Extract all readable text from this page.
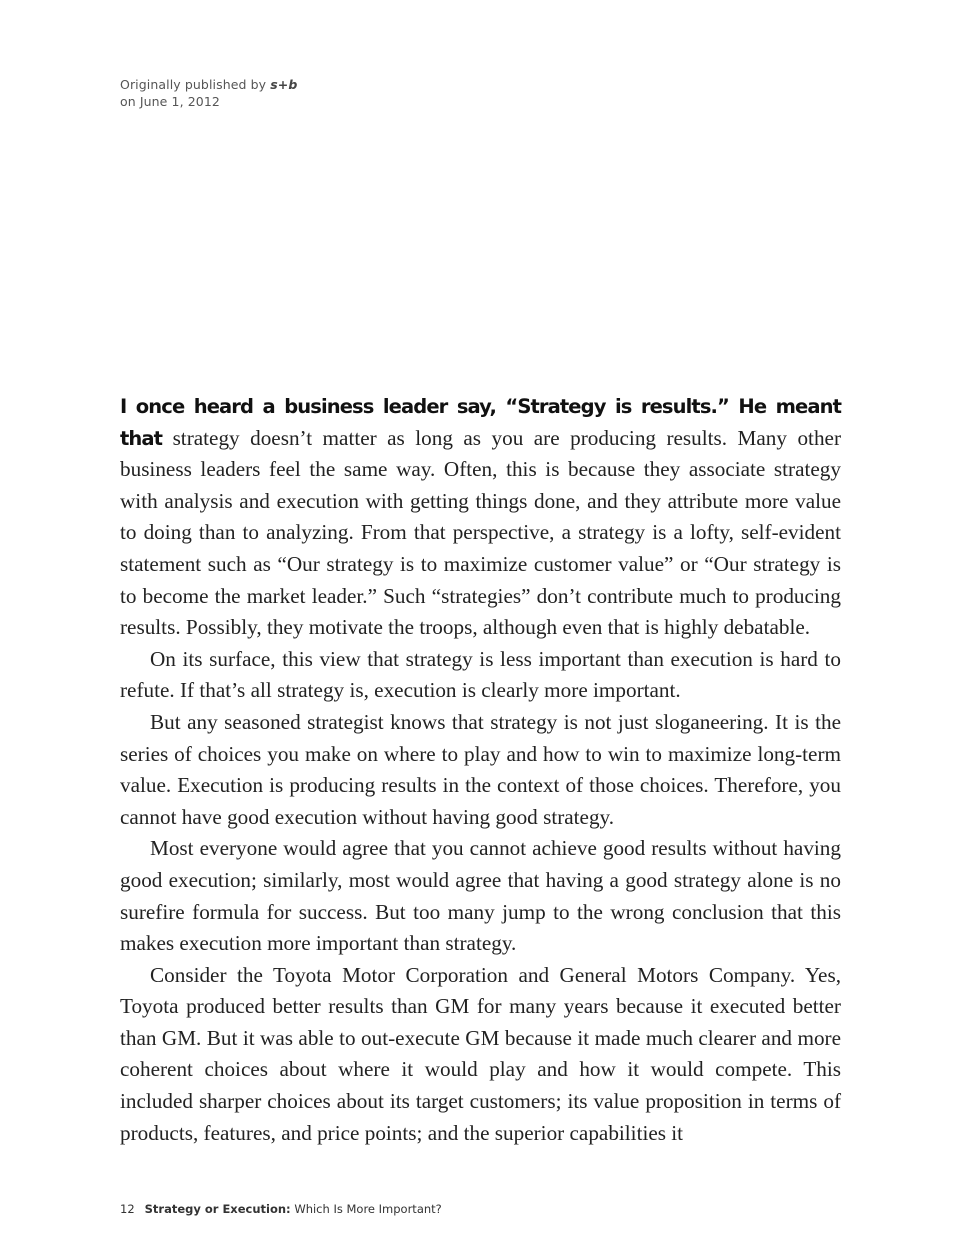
Originally published by s+b
on June 1, 2012

I once heard a business leader say, “Strategy is results.” He meant that strategy doesn’t matter as long as you are producing results. Many other business leaders feel the same way. Often, this is because they associate strategy with analysis and execution with getting things done, and they attribute more value to doing than to analyzing. From that perspective, a strategy is a lofty, self-evident statement such as “Our strategy is to maximize customer value” or “Our strategy is to become the market leader.” Such “strategies” don’t contribute much to producing results. Possibly, they motivate the troops, although even that is highly debatable.

On its surface, this view that strategy is less important than execution is hard to refute. If that’s all strategy is, execution is clearly more important.

But any seasoned strategist knows that strategy is not just sloganeering. It is the series of choices you make on where to play and how to win to maximize long-term value. Execution is producing results in the context of those choices. Therefore, you cannot have good execution without having good strategy.

Most everyone would agree that you cannot achieve good results without having good execution; similarly, most would agree that having a good strategy alone is no surefire formula for success. But too many jump to the wrong conclusion that this makes execution more important than strategy.

Consider the Toyota Motor Corporation and General Motors Company. Yes, Toyota produced better results than GM for many years because it executed better than GM. But it was able to out-execute GM because it made much clearer and more coherent choices about where it would play and how it would compete. This included sharper choices about its target customers; its value proposition in terms of products, features, and price points; and the superior capabilities it

12 Strategy or Execution: Which Is More Important?
